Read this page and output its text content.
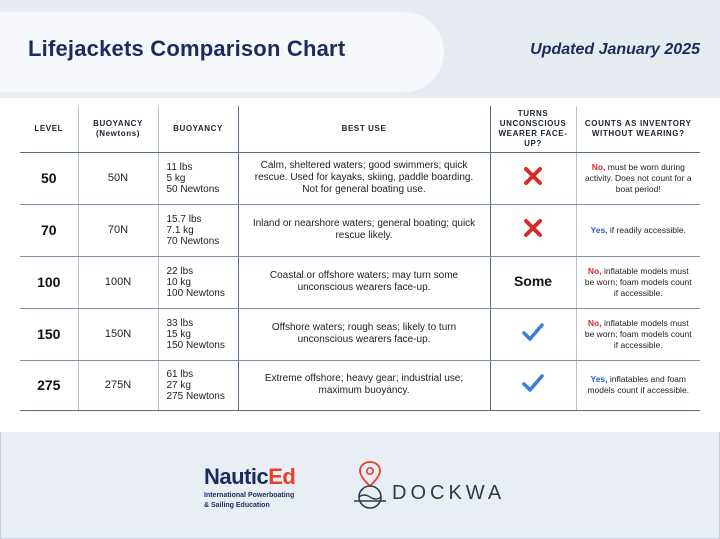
Lifejackets Comparison Chart	Updated January 2025
LEVEL	BUOYANCY (Newtons)	BUOYANCY	BEST USE	TURNS UNCONSCIOUS WEARER FACE-UP?	COUNTS AS INVENTORY WITHOUT WEARING?
50	50N	11 lbs
5 kg
50 Newtons	Calm, sheltered waters; good swimmers; quick rescue. Used for kayaks, skiing, paddle boarding. Not for general boating use.		No, must be worn during activity. Does not count for a boat period!
70	70N	15.7 lbs
7.1 kg
70 Newtons	Inland or nearshore waters; general boating; quick rescue likely.		Yes, if readily accessible.
100	100N	22 lbs
10 kg
100 Newtons	Coastal or offshore waters; may turn some unconscious wearers face-up.	Some	No, inflatable models must be worn; foam models count if accessible.
150	150N	33 lbs
15 kg
150 Newtons	Offshore waters; rough seas; likely to turn unconscious wearers face-up.		No, inflatable models must be worn; foam models count if accessible.
275	275N	61 lbs
27 kg
275 Newtons	Extreme offshore; heavy gear; industrial use; maximum buoyancy.		Yes, inflatables and foam models count if accessible.
NauticEd
International Powerboating
& Sailing Education
DOCKWA
